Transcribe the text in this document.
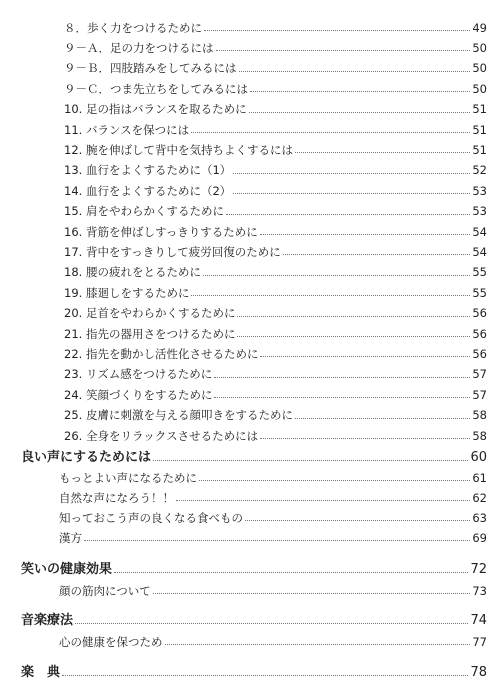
８．歩く力をつけるために	49
９－Ａ．足の力をつけるには	50
９－Ｂ．四肢踏みをしてみるには	50
９－Ｃ．つま先立ちをしてみるには	50
10. 足の指はバランスを取るために	51
11. バランスを保つには	51
12. 腕を伸ばして背中を気持ちよくするには	51
13. 血行をよくするために（1）	52
14. 血行をよくするために（2）	53
15. 肩をやわらかくするために	53
16. 背筋を伸ばしすっきりするために	54
17. 背中をすっきりして疲労回復のために	54
18. 腰の疲れをとるために	55
19. 膝廻しをするために	55
20. 足首をやわらかくするために	56
21. 指先の器用さをつけるために	56
22. 指先を動かし活性化させるために	56
23. リズム感をつけるために	57
24. 笑顔づくりをするために	57
25. 皮膚に刺激を与える顔叩きをするために	58
26. 全身をリラックスさせるためには	58
良い声にするためには	60
もっとよい声になるために	61
自然な声になろう！！	62
知っておこう声の良くなる食べもの	63
漢方	69
笑いの健康効果	72
顔の筋肉について	73
音楽療法	74
心の健康を保つため	77
楽　典	78
